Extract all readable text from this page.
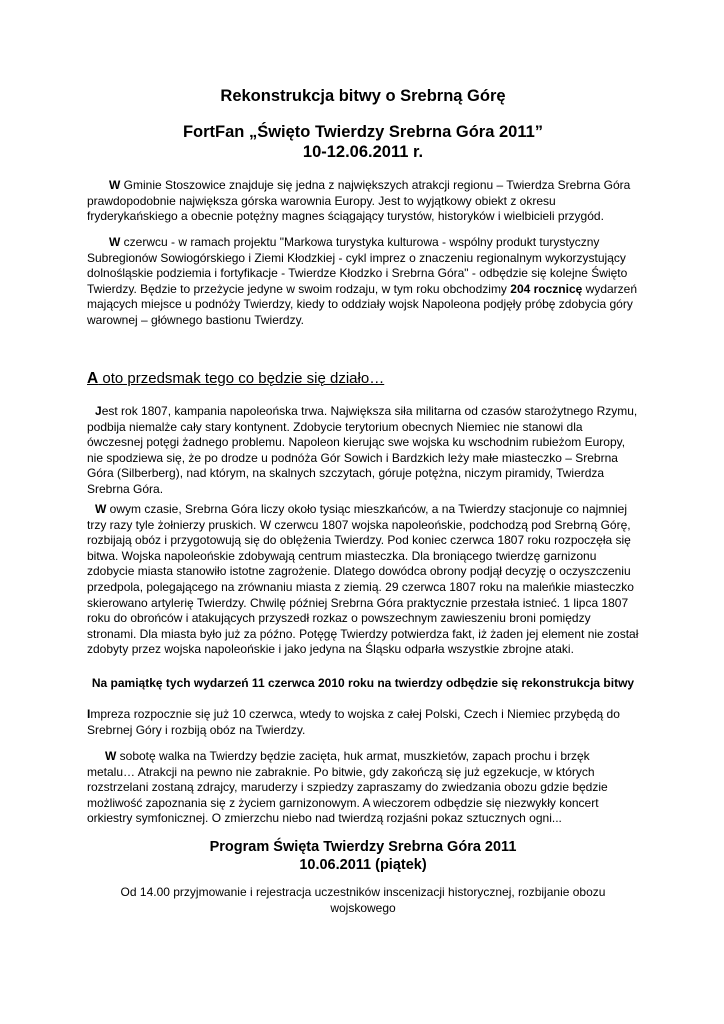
Rekonstrukcja bitwy o Srebrną Górę
FortFan „Święto Twierdzy Srebrna Góra 2011”
10-12.06.2011 r.

W Gminie Stoszowice znajduje się jedna z największych atrakcji regionu – Twierdza Srebrna Góra prawdopodobnie największa górska warownia Europy. Jest to wyjątkowy obiekt z okresu fryderykańskiego a obecnie potężny magnes ściągający turystów, historyków i wielbicieli przygód.

W czerwcu - w ramach projektu "Markowa turystyka kulturowa - wspólny produkt turystyczny Subregionów Sowiogórskiego i Ziemi Kłodzkiej - cykl imprez o znaczeniu regionalnym wykorzystujący dolnośląskie podziemia i fortyfikacje - Twierdze Kłodzko i Srebrna Góra" - odbędzie się kolejne Święto Twierdzy. Będzie to przeżycie jedyne w swoim rodzaju, w tym roku obchodzimy 204 rocznicę wydarzeń mających miejsce u podnóży Twierdzy, kiedy to oddziały wojsk Napoleona podjęły próbę zdobycia góry warownej – głównego bastionu Twierdzy.

A oto przedsmak tego co będzie się działo…

Jest rok 1807, kampania napoleońska trwa. Największa siła militarna od czasów starożytnego Rzymu, podbija niemalże cały stary kontynent. Zdobycie terytorium obecnych Niemiec nie stanowi dla ówczesnej potęgi żadnego problemu. Napoleon kierując swe wojska ku wschodnim rubieżom Europy, nie spodziewa się, że po drodze u podnóża Gór Sowich i Bardzkich leży małe miasteczko – Srebrna Góra (Silberberg), nad którym, na skalnych szczytach, góruje potężna, niczym piramidy, Twierdza Srebrna Góra.

W owym czasie, Srebrna Góra liczy około tysiąc mieszkańców, a na Twierdzy stacjonuje co najmniej trzy razy tyle żołnierzy pruskich. W czerwcu 1807 wojska napoleońskie, podchodzą pod Srebrną Górę, rozbijają obóz i przygotowują się do oblężenia Twierdzy. Pod koniec czerwca 1807 roku rozpoczęła się bitwa. Wojska napoleońskie zdobywają centrum miasteczka. Dla broniącego twierdzę garnizonu zdobycie miasta stanowiło istotne zagrożenie. Dlatego dowódca obrony podjął decyzję o oczyszczeniu przedpola, polegającego na zrównaniu miasta z ziemią. 29 czerwca 1807 roku na maleńkie miasteczko skierowano artylerię Twierdzy. Chwilę później Srebrna Góra praktycznie przestała istnieć. 1 lipca 1807 roku do obrońców i atakujących przyszedł rozkaz o powszechnym zawieszeniu broni pomiędzy stronami. Dla miasta było już za późno. Potęgę Twierdzy potwierdza fakt, iż żaden jej element nie został zdobyty przez wojska napoleońskie i jako jedyna na Śląsku odparła wszystkie zbrojne ataki.

Na pamiątkę tych wydarzeń 11 czerwca 2010 roku na twierdzy odbędzie się rekonstrukcja bitwy

Impreza rozpocznie się już 10 czerwca, wtedy to wojska z całej Polski, Czech i Niemiec przybędą do Srebrnej Góry i rozbiją obóz na Twierdzy.

W sobotę walka na Twierdzy będzie zacięta, huk armat, muszkietów, zapach prochu i brzęk metalu… Atrakcji na pewno nie zabraknie. Po bitwie, gdy zakończą się już egzekucje, w których rozstrzelani zostaną zdrajcy, maruderzy i szpiedzy zapraszamy do zwiedzania obozu gdzie będzie możliwość zapoznania się z życiem garnizonowym. A wieczorem odbędzie się niezwykły koncert orkiestry symfonicznej. O zmierzchu niebo nad twierdzą rozjaśni pokaz sztucznych ogni...

Program Święta Twierdzy Srebrna Góra 2011
10.06.2011 (piątek)
Od 14.00 przyjmowanie i rejestracja uczestników inscenizacji historycznej, rozbijanie obozu wojskowego
